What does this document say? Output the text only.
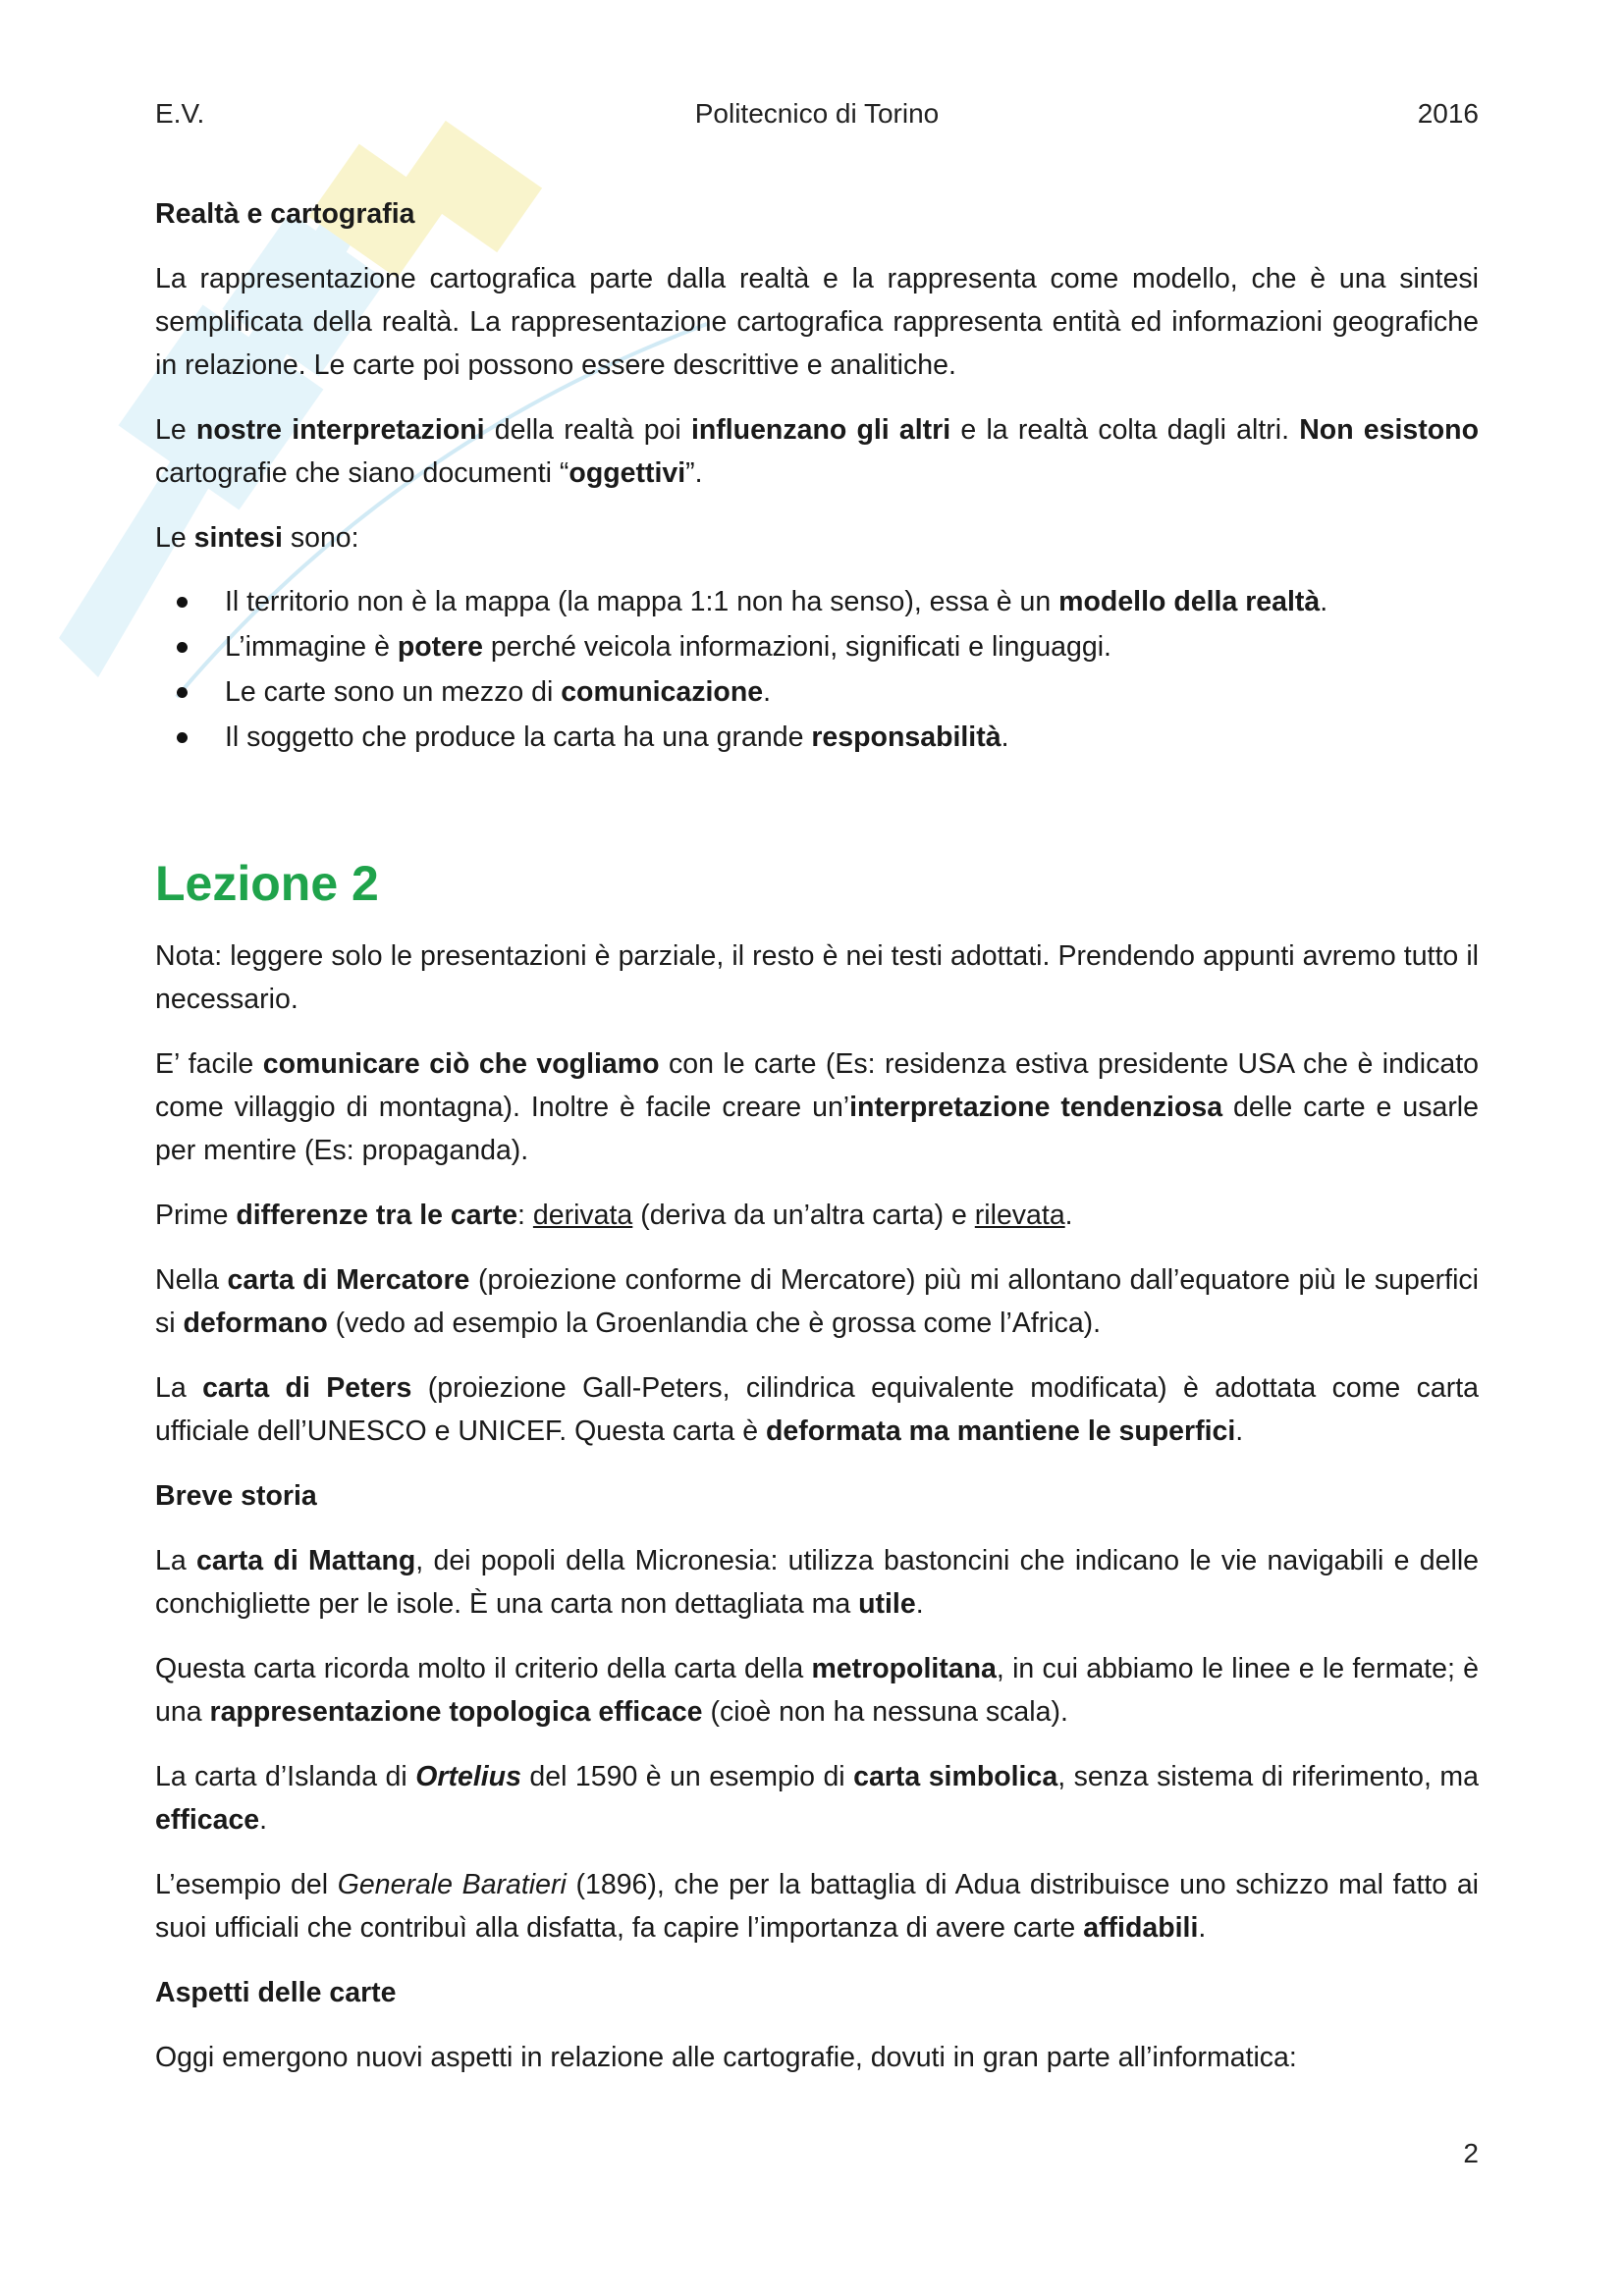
E.V.	Politecnico di Torino	2016

Realtà e cartografia

La rappresentazione cartografica parte dalla realtà e la rappresenta come modello, che è una sintesi semplificata della realtà. La rappresentazione cartografica rappresenta entità ed informazioni geografiche in relazione. Le carte poi possono essere descrittive e analitiche.

Le nostre interpretazioni della realtà poi influenzano gli altri e la realtà colta dagli altri. Non esistono cartografie che siano documenti “oggettivi”.

Le sintesi sono:

Il territorio non è la mappa (la mappa 1:1 non ha senso), essa è un modello della realtà.
L’immagine è potere perché veicola informazioni, significati e linguaggi.
Le carte sono un mezzo di comunicazione.
Il soggetto che produce la carta ha una grande responsabilità.
Lezione 2

Nota: leggere solo le presentazioni è parziale, il resto è nei testi adottati. Prendendo appunti avremo tutto il necessario.

E’ facile comunicare ciò che vogliamo con le carte (Es: residenza estiva presidente USA che è indicato come villaggio di montagna). Inoltre è facile creare un’interpretazione tendenziosa delle carte e usarle per mentire (Es: propaganda).

Prime differenze tra le carte: derivata (deriva da un’altra carta) e rilevata.

Nella carta di Mercatore (proiezione conforme di Mercatore) più mi allontano dall’equatore più le superfici si deformano (vedo ad esempio la Groenlandia che è grossa come l’Africa).

La carta di Peters (proiezione Gall-Peters, cilindrica equivalente modificata) è adottata come carta ufficiale dell’UNESCO e UNICEF. Questa carta è deformata ma mantiene le superfici.

Breve storia

La carta di Mattang, dei popoli della Micronesia: utilizza bastoncini che indicano le vie navigabili e delle conchigliette per le isole. È una carta non dettagliata ma utile.

Questa carta ricorda molto il criterio della carta della metropolitana, in cui abbiamo le linee e le fermate; è una rappresentazione topologica efficace (cioè non ha nessuna scala).

La carta d’Islanda di Ortelius del 1590 è un esempio di carta simbolica, senza sistema di riferimento, ma efficace.

L’esempio del Generale Baratieri (1896), che per la battaglia di Adua distribuisce uno schizzo mal fatto ai suoi ufficiali che contribuì alla disfatta, fa capire l’importanza di avere carte affidabili.

Aspetti delle carte

Oggi emergono nuovi aspetti in relazione alle cartografie, dovuti in gran parte all’informatica:

2
